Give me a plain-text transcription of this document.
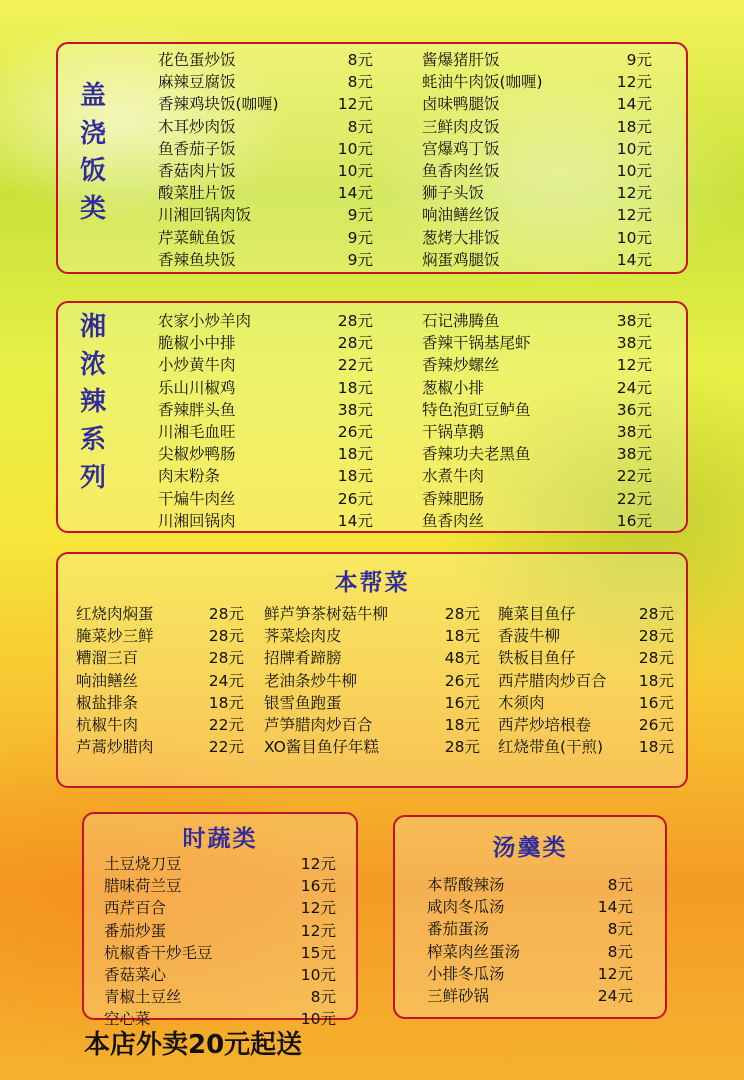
盖
浇
饭
类
花色蛋炒饭	8元
麻辣豆腐饭	8元
香辣鸡块饭(咖喱)	12元
木耳炒肉饭	8元
鱼香茄子饭	10元
香菇肉片饭	10元
酸菜肚片饭	14元
川湘回锅肉饭	9元
芹菜鱿鱼饭	9元
香辣鱼块饭	9元
酱爆猪肝饭	9元
蚝油牛肉饭(咖喱)	12元
卤味鸭腿饭	14元
三鲜肉皮饭	18元
宫爆鸡丁饭	10元
鱼香肉丝饭	10元
狮子头饭	12元
响油鳝丝饭	12元
葱烤大排饭	10元
焖蛋鸡腿饭	14元
湘
浓
辣
系
列
农家小炒羊肉	28元
脆椒小中排	28元
小炒黄牛肉	22元
乐山川椒鸡	18元
香辣胖头鱼	38元
川湘毛血旺	26元
尖椒炒鸭肠	18元
肉末粉条	18元
干煸牛肉丝	26元
川湘回锅肉	14元
石记沸腾鱼	38元
香辣干锅基尾虾	38元
香辣炒螺丝	12元
葱椒小排	24元
特色泡豇豆鲈鱼	36元
干锅草鹅	38元
香辣功夫老黑鱼	38元
水煮牛肉	22元
香辣肥肠	22元
鱼香肉丝	16元
本帮菜
红烧肉焖蛋	28元
腌菜炒三鲜	28元
糟溜三百	28元
响油鳝丝	24元
椒盐排条	18元
杭椒牛肉	22元
芦蒿炒腊肉	22元
鲜芦笋茶树菇牛柳	28元
荠菜烩肉皮	18元
招牌肴蹄膀	48元
老油条炒牛柳	26元
银雪鱼跑蛋	16元
芦笋腊肉炒百合	18元
XO酱目鱼仔年糕	28元
腌菜目鱼仔	28元
香菠牛柳	28元
铁板目鱼仔	28元
西芹腊肉炒百合	18元
木须肉	16元
西芹炒培根卷	26元
红烧带鱼(干煎)	18元
时蔬类
土豆烧刀豆	12元
腊味荷兰豆	16元
西芹百合	12元
番茄炒蛋	12元
杭椒香干炒毛豆	15元
香菇菜心	10元
青椒土豆丝	8元
空心菜	10元
汤羹类
本帮酸辣汤	8元
咸肉冬瓜汤	14元
番茄蛋汤	8元
榨菜肉丝蛋汤	8元
小排冬瓜汤	12元
三鲜砂锅	24元
本店外卖20元起送
